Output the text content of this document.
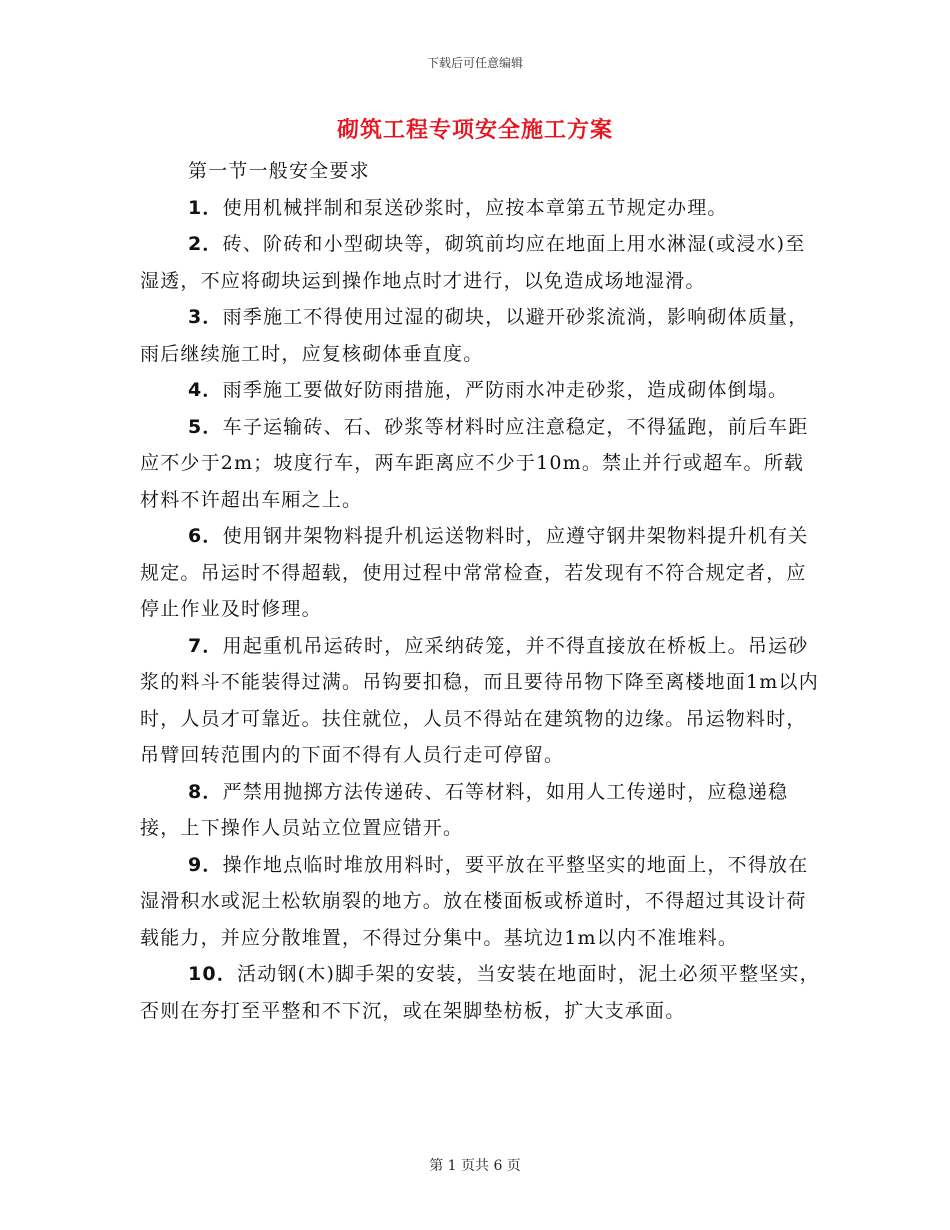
下载后可任意编辑
砌筑工程专项安全施工方案

第一节一般安全要求

1．使用机械拌制和泵送砂浆时，应按本章第五节规定办理。

2．砖、阶砖和小型砌块等，砌筑前均应在地面上用水淋湿(或浸水)至湿透，不应将砌块运到操作地点时才进行，以免造成场地湿滑。

3．雨季施工不得使用过湿的砌块，以避开砂浆流淌，影响砌体质量，雨后继续施工时，应复核砌体垂直度。

4．雨季施工要做好防雨措施，严防雨水冲走砂浆，造成砌体倒塌。

5．车子运输砖、石、砂浆等材料时应注意稳定，不得猛跑，前后车距应不少于2m；坡度行车，两车距离应不少于10m。禁止并行或超车。所载材料不许超出车厢之上。

6．使用钢井架物料提升机运送物料时，应遵守钢井架物料提升机有关规定。吊运时不得超载，使用过程中常常检查，若发现有不符合规定者，应停止作业及时修理。

7．用起重机吊运砖时，应采纳砖笼，并不得直接放在桥板上。吊运砂浆的料斗不能装得过满。吊钩要扣稳，而且要待吊物下降至离楼地面1m以内时，人员才可靠近。扶住就位，人员不得站在建筑物的边缘。吊运物料时，吊臂回转范围内的下面不得有人员行走可停留。

8．严禁用抛掷方法传递砖、石等材料，如用人工传递时，应稳递稳接，上下操作人员站立位置应错开。

9．操作地点临时堆放用料时，要平放在平整坚实的地面上，不得放在湿滑积水或泥土松软崩裂的地方。放在楼面板或桥道时，不得超过其设计荷载能力，并应分散堆置，不得过分集中。基坑边1m以内不准堆料。

10．活动钢(木)脚手架的安装，当安装在地面时，泥土必须平整坚实，否则在夯打至平整和不下沉，或在架脚垫枋板，扩大支承面。

第 1 页共 6 页
